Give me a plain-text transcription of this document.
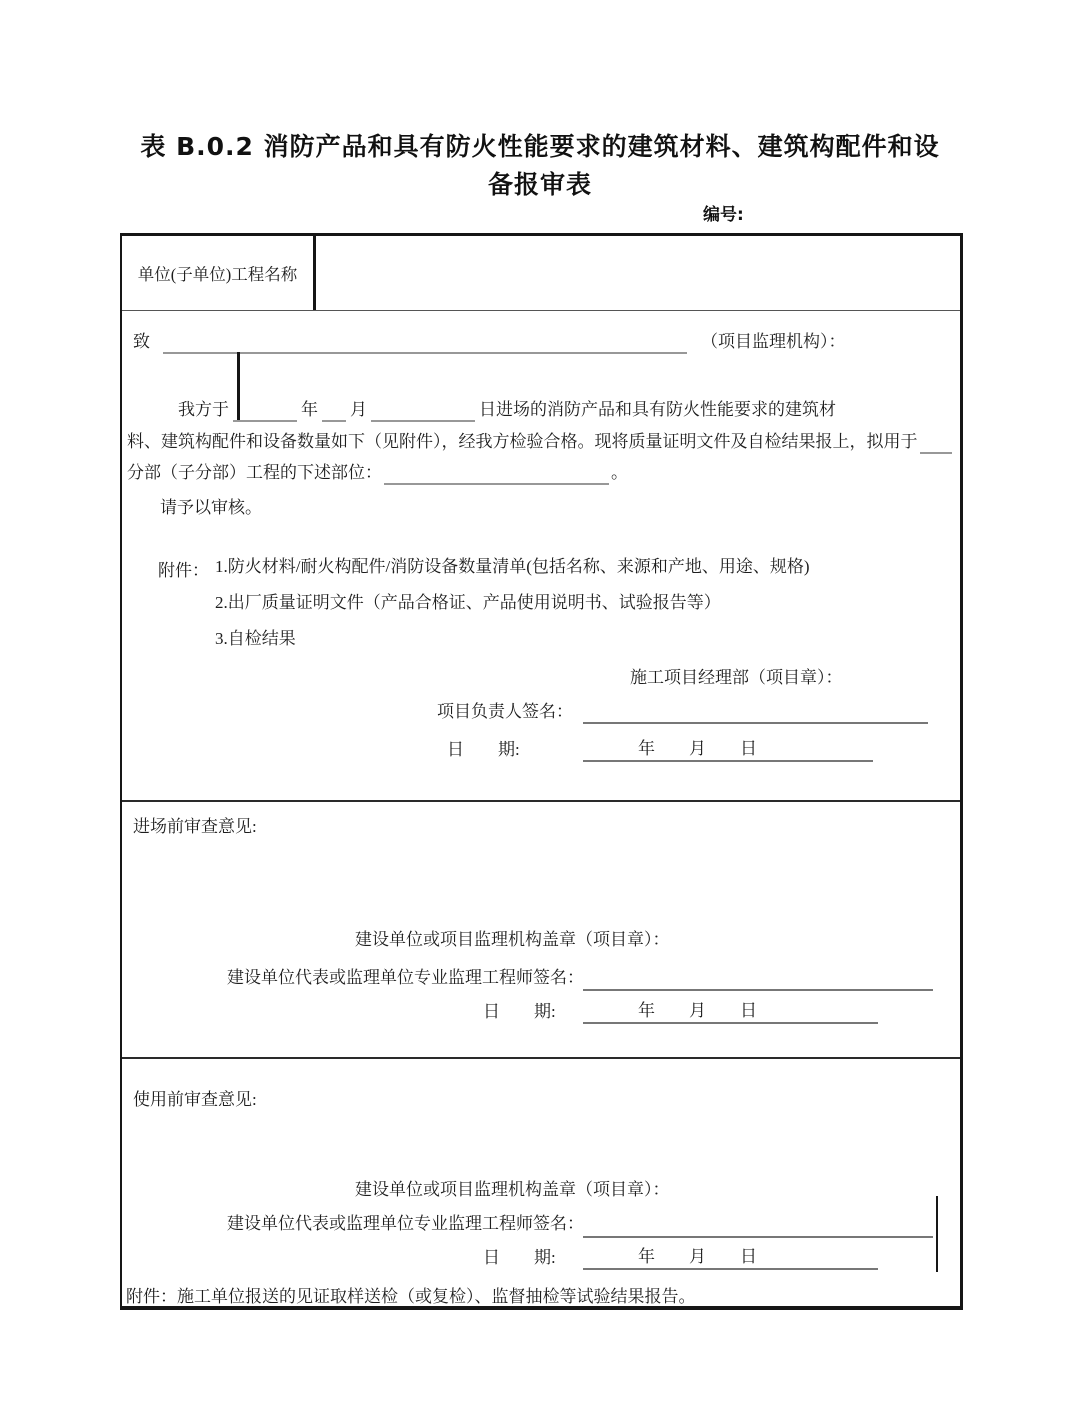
表 B.0.2 消防产品和具有防火性能要求的建筑材料、建筑构配件和设
备报审表
编号:
单位(子单位)工程名称
致	（项目监理机构）：
我方于	年 月	日进场的消防产品和具有防火性能要求的建筑材
料、建筑构配件和设备数量如下（见附件），经我方检验合格。现将质量证明文件及自检结果报上，拟用于
分部（子分部）工程的下述部位：	。
请予以审核。
附件： 1.防火材料/耐火构配件/消防设备数量清单(包括名称、来源和产地、用途、规格)
2.出厂质量证明文件（产品合格证、产品使用说明书、试验报告等）
3.自检结果
施工项目经理部（项目章）：
项目负责人签名：
日　　期:	年　　月　　日
进场前审查意见:
建设单位或项目监理机构盖章（项目章）：
建设单位代表或监理单位专业监理工程师签名：
日　　期:	年　　月　　日
使用前审查意见:
建设单位或项目监理机构盖章（项目章）：
建设单位代表或监理单位专业监理工程师签名：
日　　期:	年　　月　　日
附件：施工单位报送的见证取样送检（或复检）、监督抽检等试验结果报告。
